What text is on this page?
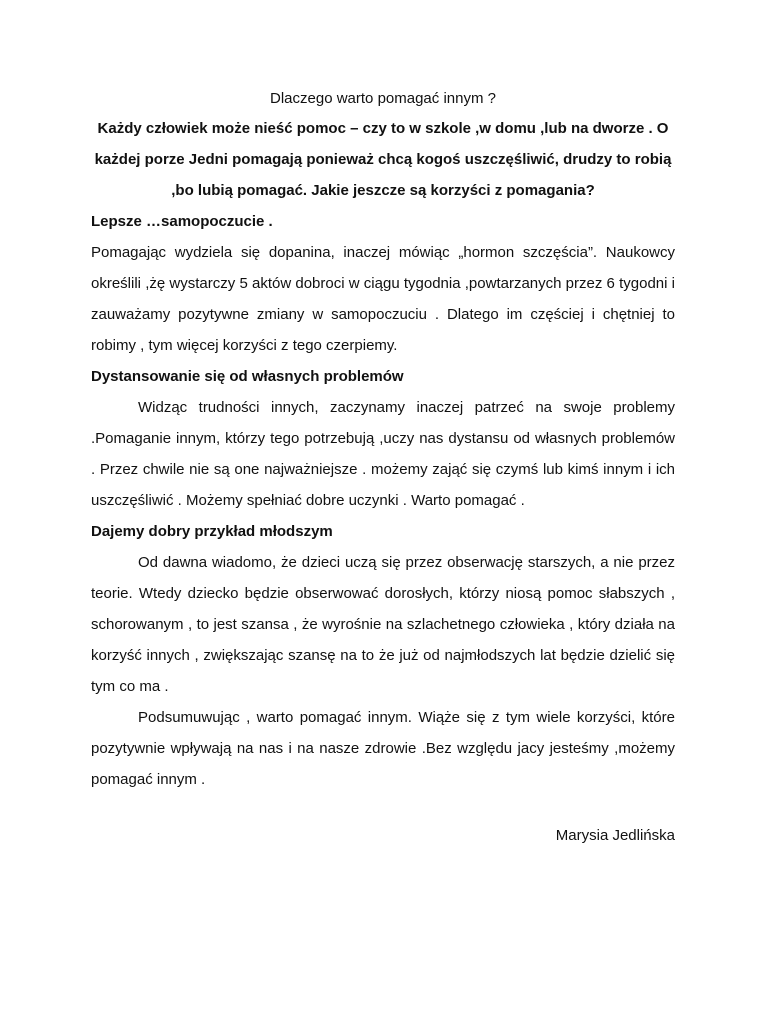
Dlaczego warto pomagać innym ?

Każdy człowiek może nieść pomoc – czy to w szkole ,w domu ,lub na dworze . O każdej porze Jedni pomagają ponieważ chcą kogoś uszczęśliwić, drudzy to robią ,bo lubią pomagać. Jakie jeszcze są korzyści z pomagania?

Lepsze …samopoczucie .

Pomagając wydziela się dopanina, inaczej mówiąc „hormon szczęścia”. Naukowcy określili ,żę wystarczy 5 aktów dobroci w ciągu tygodnia ,powtarzanych przez 6 tygodni i zauważamy pozytywne zmiany w samopoczuciu . Dlatego im częściej i chętniej to robimy , tym więcej korzyści z tego czerpiemy.

Dystansowanie się od własnych problemów

Widząc trudności innych, zaczynamy inaczej patrzeć na swoje problemy .Pomaganie innym, którzy tego potrzebują ,uczy nas dystansu od własnych problemów . Przez chwile nie są one najważniejsze . możemy zająć się czymś lub kimś innym i ich uszczęśliwić . Możemy spełniać dobre uczynki . Warto pomagać .

Dajemy dobry przykład młodszym

Od dawna wiadomo, że dzieci uczą się przez obserwację starszych, a nie przez teorie. Wtedy dziecko będzie obserwować dorosłych, którzy niosą pomoc słabszych , schorowanym , to jest szansa , że wyrośnie na szlachetnego człowieka , który działa na korzyść innych , zwiększając szansę na to że już od najmłodszych lat będzie dzielić się tym co ma .

Podsumuwując , warto pomagać innym. Wiąże się z tym wiele korzyści, które pozytywnie wpływają na nas i na nasze zdrowie .Bez względu jacy jesteśmy ,możemy pomagać innym .

Marysia Jedlińska
